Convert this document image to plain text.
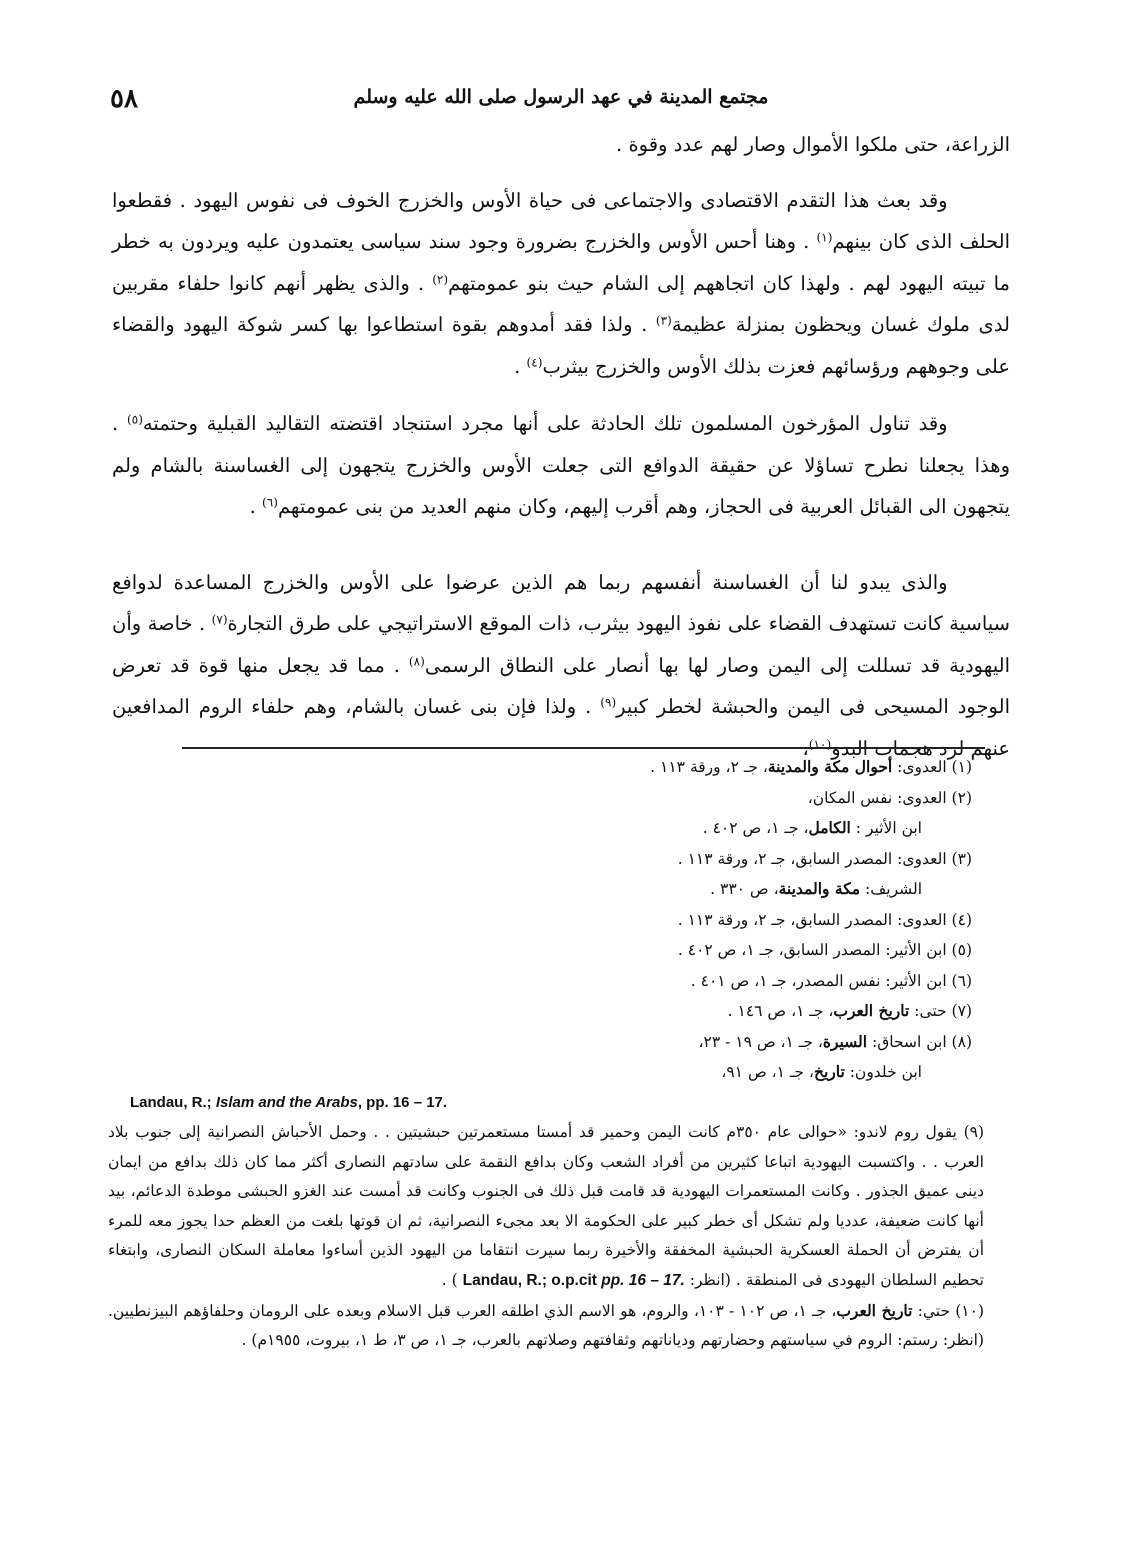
٥٨	مجتمع المدينة في عهد الرسول صلى الله عليه وسلم

الزراعة، حتى ملكوا الأموال وصار لهم عدد وقوة .

وقد بعث هذا التقدم الاقتصادى والاجتماعى فى حياة الأوس والخزرج الخوف فى نفوس اليهود . فقطعوا الحلف الذى كان بينهم$^{(١)}$ . وهنا أحس الأوس والخزرج بضرورة وجود سند سياسى يعتمدون عليه ويردون به خطر ما تبيته اليهود لهم . ولهذا كان اتجاههم إلى الشام حيث بنو عمومتهم$^{(٢)}$ . والذى يظهر أنهم كانوا حلفاء مقربين لدى ملوك غسان ويحظون بمنزلة عظيمة$^{(٣)}$ . ولذا فقد أمدوهم بقوة استطاعوا بها كسر شوكة اليهود والقضاء على وجوههم ورؤسائهم فعزت بذلك الأوس والخزرج بيثرب$^{(٤)}$ .

وقد تناول المؤرخون المسلمون تلك الحادثة على أنها مجرد استنجاد اقتضته التقاليد القبلية وحتمته$^{(٥)}$ . وهذا يجعلنا نطرح تساؤلا عن حقيقة الدوافع التى جعلت الأوس والخزرج يتجهون إلى الغساسنة بالشام ولم يتجهون الى القبائل العربية فى الحجاز، وهم أقرب إليهم، وكان منهم العديد من بنى عمومتهم$^{(٦)}$ .

والذى يبدو لنا أن الغساسنة أنفسهم ربما هم الذين عرضوا على الأوس والخزرج المساعدة لدوافع سياسية كانت تستهدف القضاء على نفوذ اليهود بيثرب، ذات الموقع الاستراتيجي على طرق التجارة$^{(٧)}$ . خاصة وأن اليهودية قد تسللت إلى اليمن وصار لها بها أنصار على النطاق الرسمى$^{(٨)}$ . مما قد يجعل منها قوة قد تعرض الوجود المسيحى فى اليمن والحبشة لخطر كبير$^{(٩)}$ . ولذا فإن بنى غسان بالشام، وهم حلفاء الروم المدافعين عنهم لرد هجمات البدو$^{(١٠)}$،

(١) العدوى: أحوال مكة والمدينة، جـ ٢، ورقة ١١٣ .
(٢) العدوى: نفس المكان،
ابن الأثير : الكامل، جـ ١، ص ٤٠٢ .
(٣) العدوى: المصدر السابق، جـ ٢، ورقة ١١٣ .
الشريف: مكة والمدينة، ص ٣٣٠ .
(٤) العدوى: المصدر السابق، جـ ٢، ورقة ١١٣ .
(٥) ابن الأثير: المصدر السابق، جـ ١، ص ٤٠٢ .
(٦) ابن الأثير: نفس المصدر، جـ ١، ص ٤٠١ .
(٧) حتى: تاريخ العرب، جـ ١، ص ١٤٦ .
(٨) ابن اسحاق: السيرة، جـ ١، ص ١٩ - ٢٣،
ابن خلدون: تاريخ، جـ ١، ص ٩١،
Landau, R.; Islam and the Arabs, pp. 16 – 17.

(٩) يقول روم لاندو: «حوالى عام ٣٥٠م كانت اليمن وحمير قد أمستا مستعمرتين حبشيتين . . وحمل الأحباش النصرانية إلى جنوب بلاد العرب . . واكتسبت اليهودية اتباعا كثيرين من أفراد الشعب وكان بدافع النقمة على سادتهم النصارى أكثر مما كان ذلك بدافع من ايمان دينى عميق الجذور . وكانت المستعمرات اليهودية قد قامت قبل ذلك فى الجنوب وكانت قد أمست عند الغزو الحبشى موطدة الدعائم، بيد أنها كانت ضعيفة، عدديا ولم تشكل أى خطر كبير على الحكومة الا بعد مجىء النصرانية، ثم ان قوتها بلغت من العظم حدا يجوز معه للمرء أن يفترض أن الحملة العسكرية الحبشية المخفقة والأخيرة ربما سيرت انتقاما من اليهود الذين أساءوا معاملة السكان النصارى، وابتغاء تحطيم السلطان اليهودى فى المنطقة . (انظر: Landau, R.; o.p.cit pp. 16 – 17. ) .

(١٠) حتي: تاريخ العرب، جـ ١، ص ١٠٢ - ١٠٣، والروم، هو الاسم الذي اطلقه العرب قبل الاسلام وبعده على الرومان وحلفاؤهم البيزنطيين. (انظر: رستم: الروم في سياستهم وحضارتهم ودياناتهم وثقافتهم وصلاتهم بالعرب، جـ ١، ص ٣، ط ١، بيروت، ١٩٥٥م) .
